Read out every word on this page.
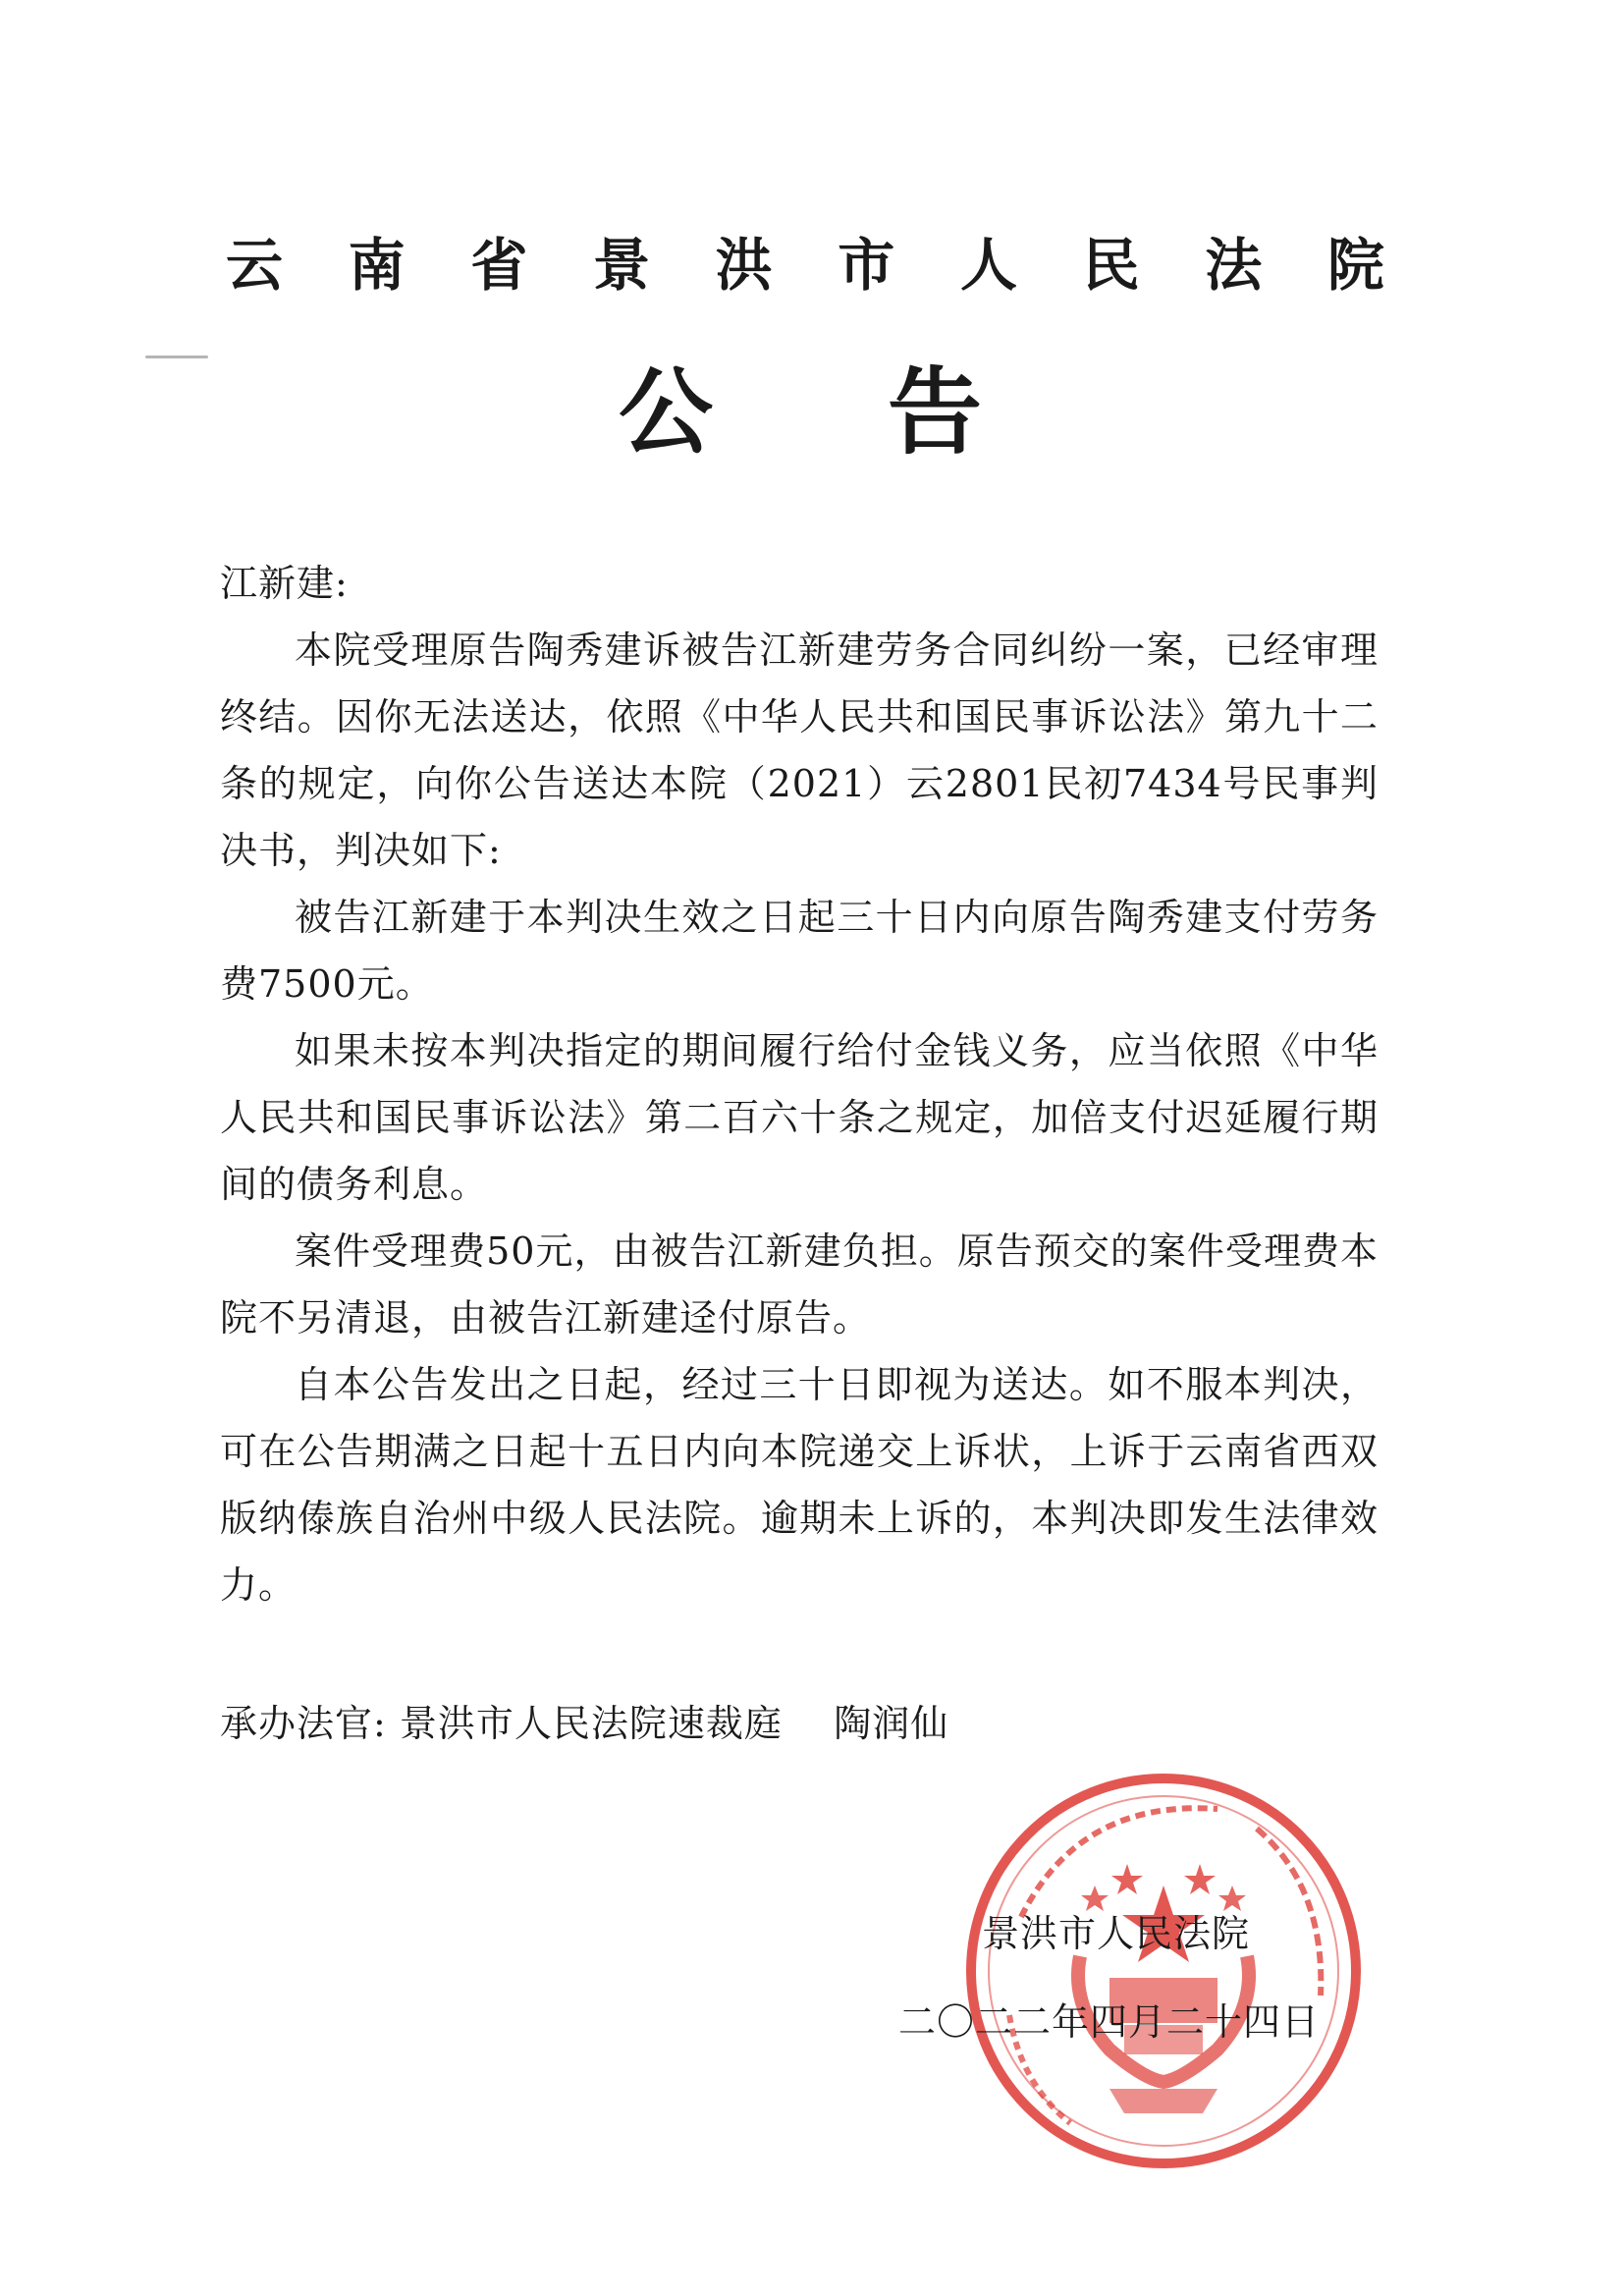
云 南 省 景 洪 市 人 民 法 院
公 告

江新建:

本院受理原告陶秀建诉被告江新建劳务合同纠纷一案，已经审理终结。因你无法送达，依照《中华人民共和国民事诉讼法》第九十二条的规定，向你公告送达本院（2021）云2801民初7434号民事判决书，判决如下:

被告江新建于本判决生效之日起三十日内向原告陶秀建支付劳务费7500元。

如果未按本判决指定的期间履行给付金钱义务，应当依照《中华人民共和国民事诉讼法》第二百六十条之规定，加倍支付迟延履行期间的债务利息。

案件受理费50元，由被告江新建负担。原告预交的案件受理费本院不另清退，由被告江新建迳付原告。

自本公告发出之日起，经过三十日即视为送达。如不服本判决，可在公告期满之日起十五日内向本院递交上诉状，上诉于云南省西双版纳傣族自治州中级人民法院。逾期未上诉的，本判决即发生法律效力。

承办法官: 景洪市人民法院速裁庭 陶润仙
景洪市人民法院
二〇二二年四月二十四日
